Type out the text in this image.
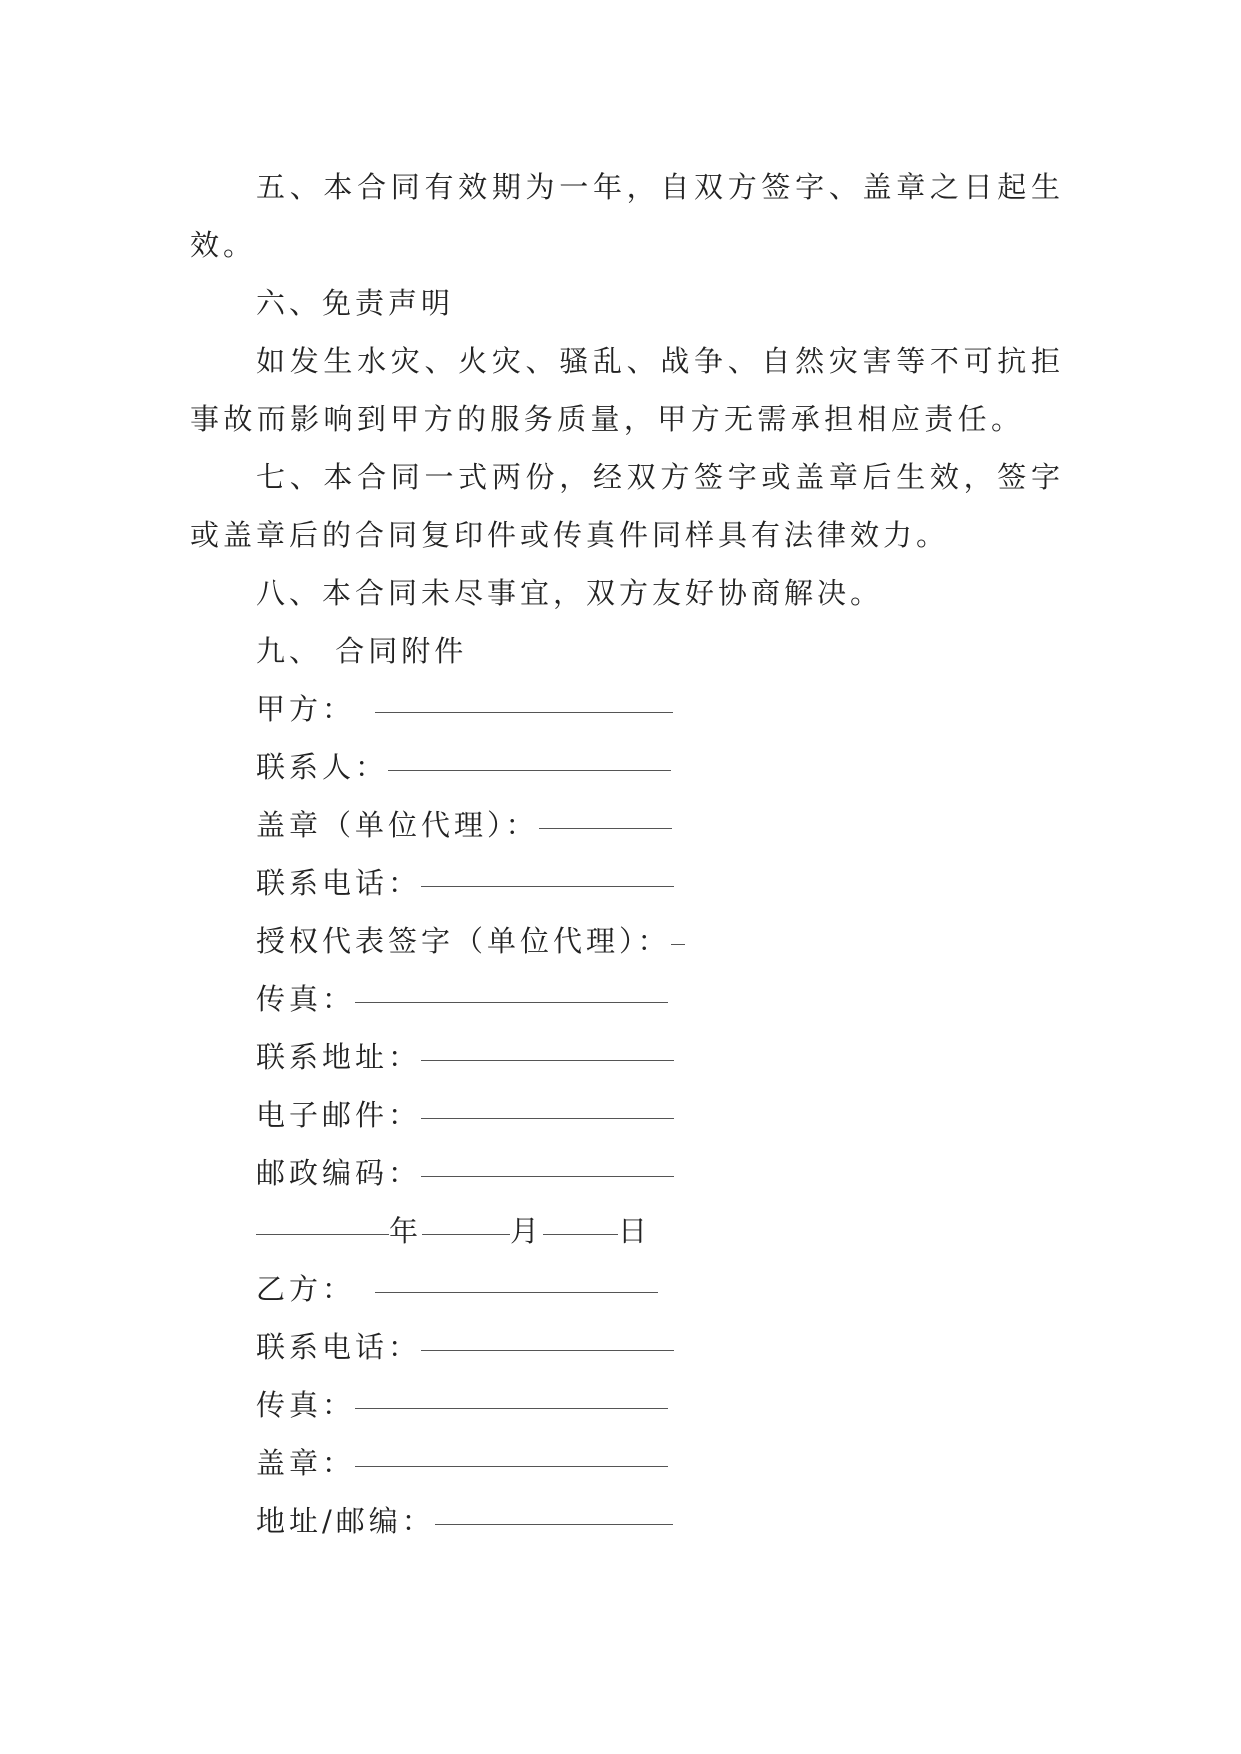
五、本合同有效期为一年，自双方签字、盖章之日起生
效。
六、免责声明
如发生水灾、火灾、骚乱、战争、自然灾害等不可抗拒
事故而影响到甲方的服务质量，甲方无需承担相应责任。
七、本合同一式两份，经双方签字或盖章后生效，签字
或盖章后的合同复印件或传真件同样具有法律效力。
八、本合同未尽事宜，双方友好协商解决。
九、 合同附件
甲方：
联系人：
盖章（单位代理）：
联系电话：
授权代表签字（单位代理）：
传真：
联系地址：
电子邮件：
邮政编码：
年	月	日
乙方：
联系电话：
传真：
盖章：
地址/邮编：
